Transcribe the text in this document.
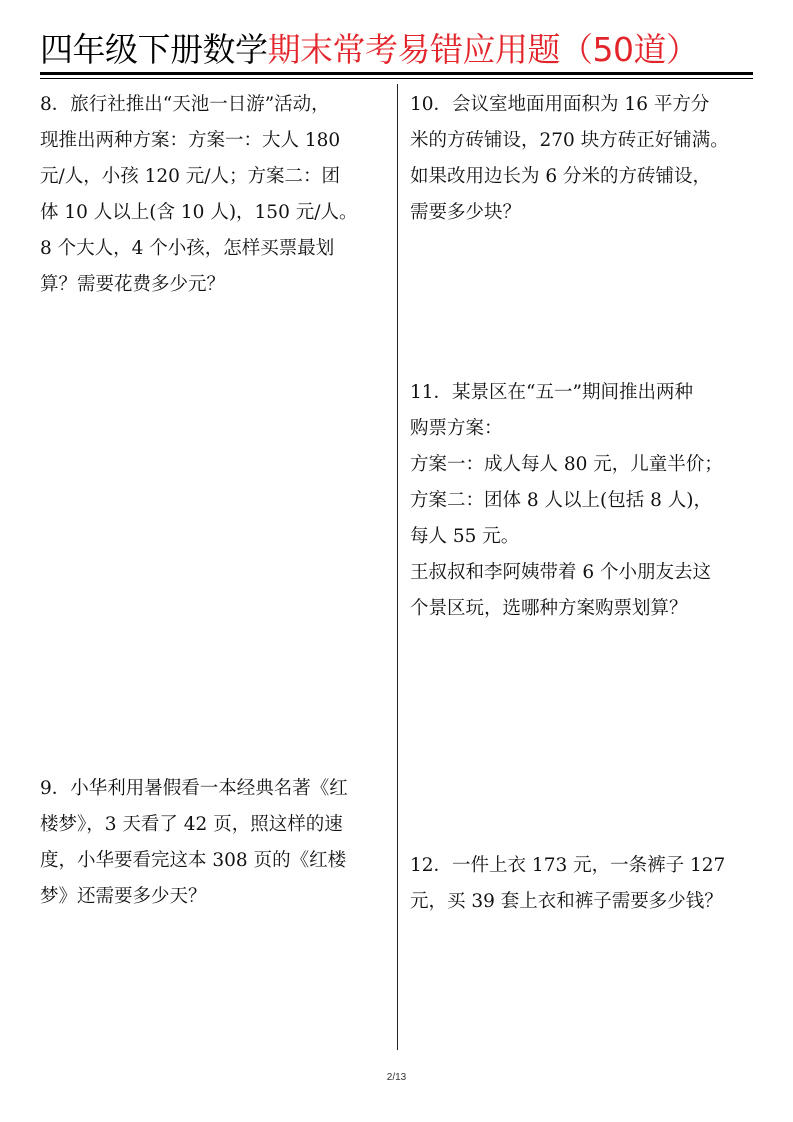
四年级下册数学期末常考易错应用题（50道）
8．旅行社推出“天池一日游”活动，
现推出两种方案：方案一：大人 180
元/人，小孩 120 元/人；方案二：团
体 10 人以上(含 10 人)，150 元/人。
8 个大人，4 个小孩，怎样买票最划
算？需要花费多少元？
9．小华利用暑假看一本经典名著《红
楼梦》，3 天看了 42 页，照这样的速
度，小华要看完这本 308 页的《红楼
梦》还需要多少天？
10．会议室地面用面积为 16 平方分
米的方砖铺设，270 块方砖正好铺满。
如果改用边长为 6 分米的方砖铺设，
需要多少块？
11．某景区在“五一”期间推出两种
购票方案：
方案一：成人每人 80 元，儿童半价；
方案二：团体 8 人以上(包括 8 人)，
每人 55 元。
王叔叔和李阿姨带着 6 个小朋友去这
个景区玩，选哪种方案购票划算？
12．一件上衣 173 元，一条裤子 127
元，买 39 套上衣和裤子需要多少钱？
2/13
